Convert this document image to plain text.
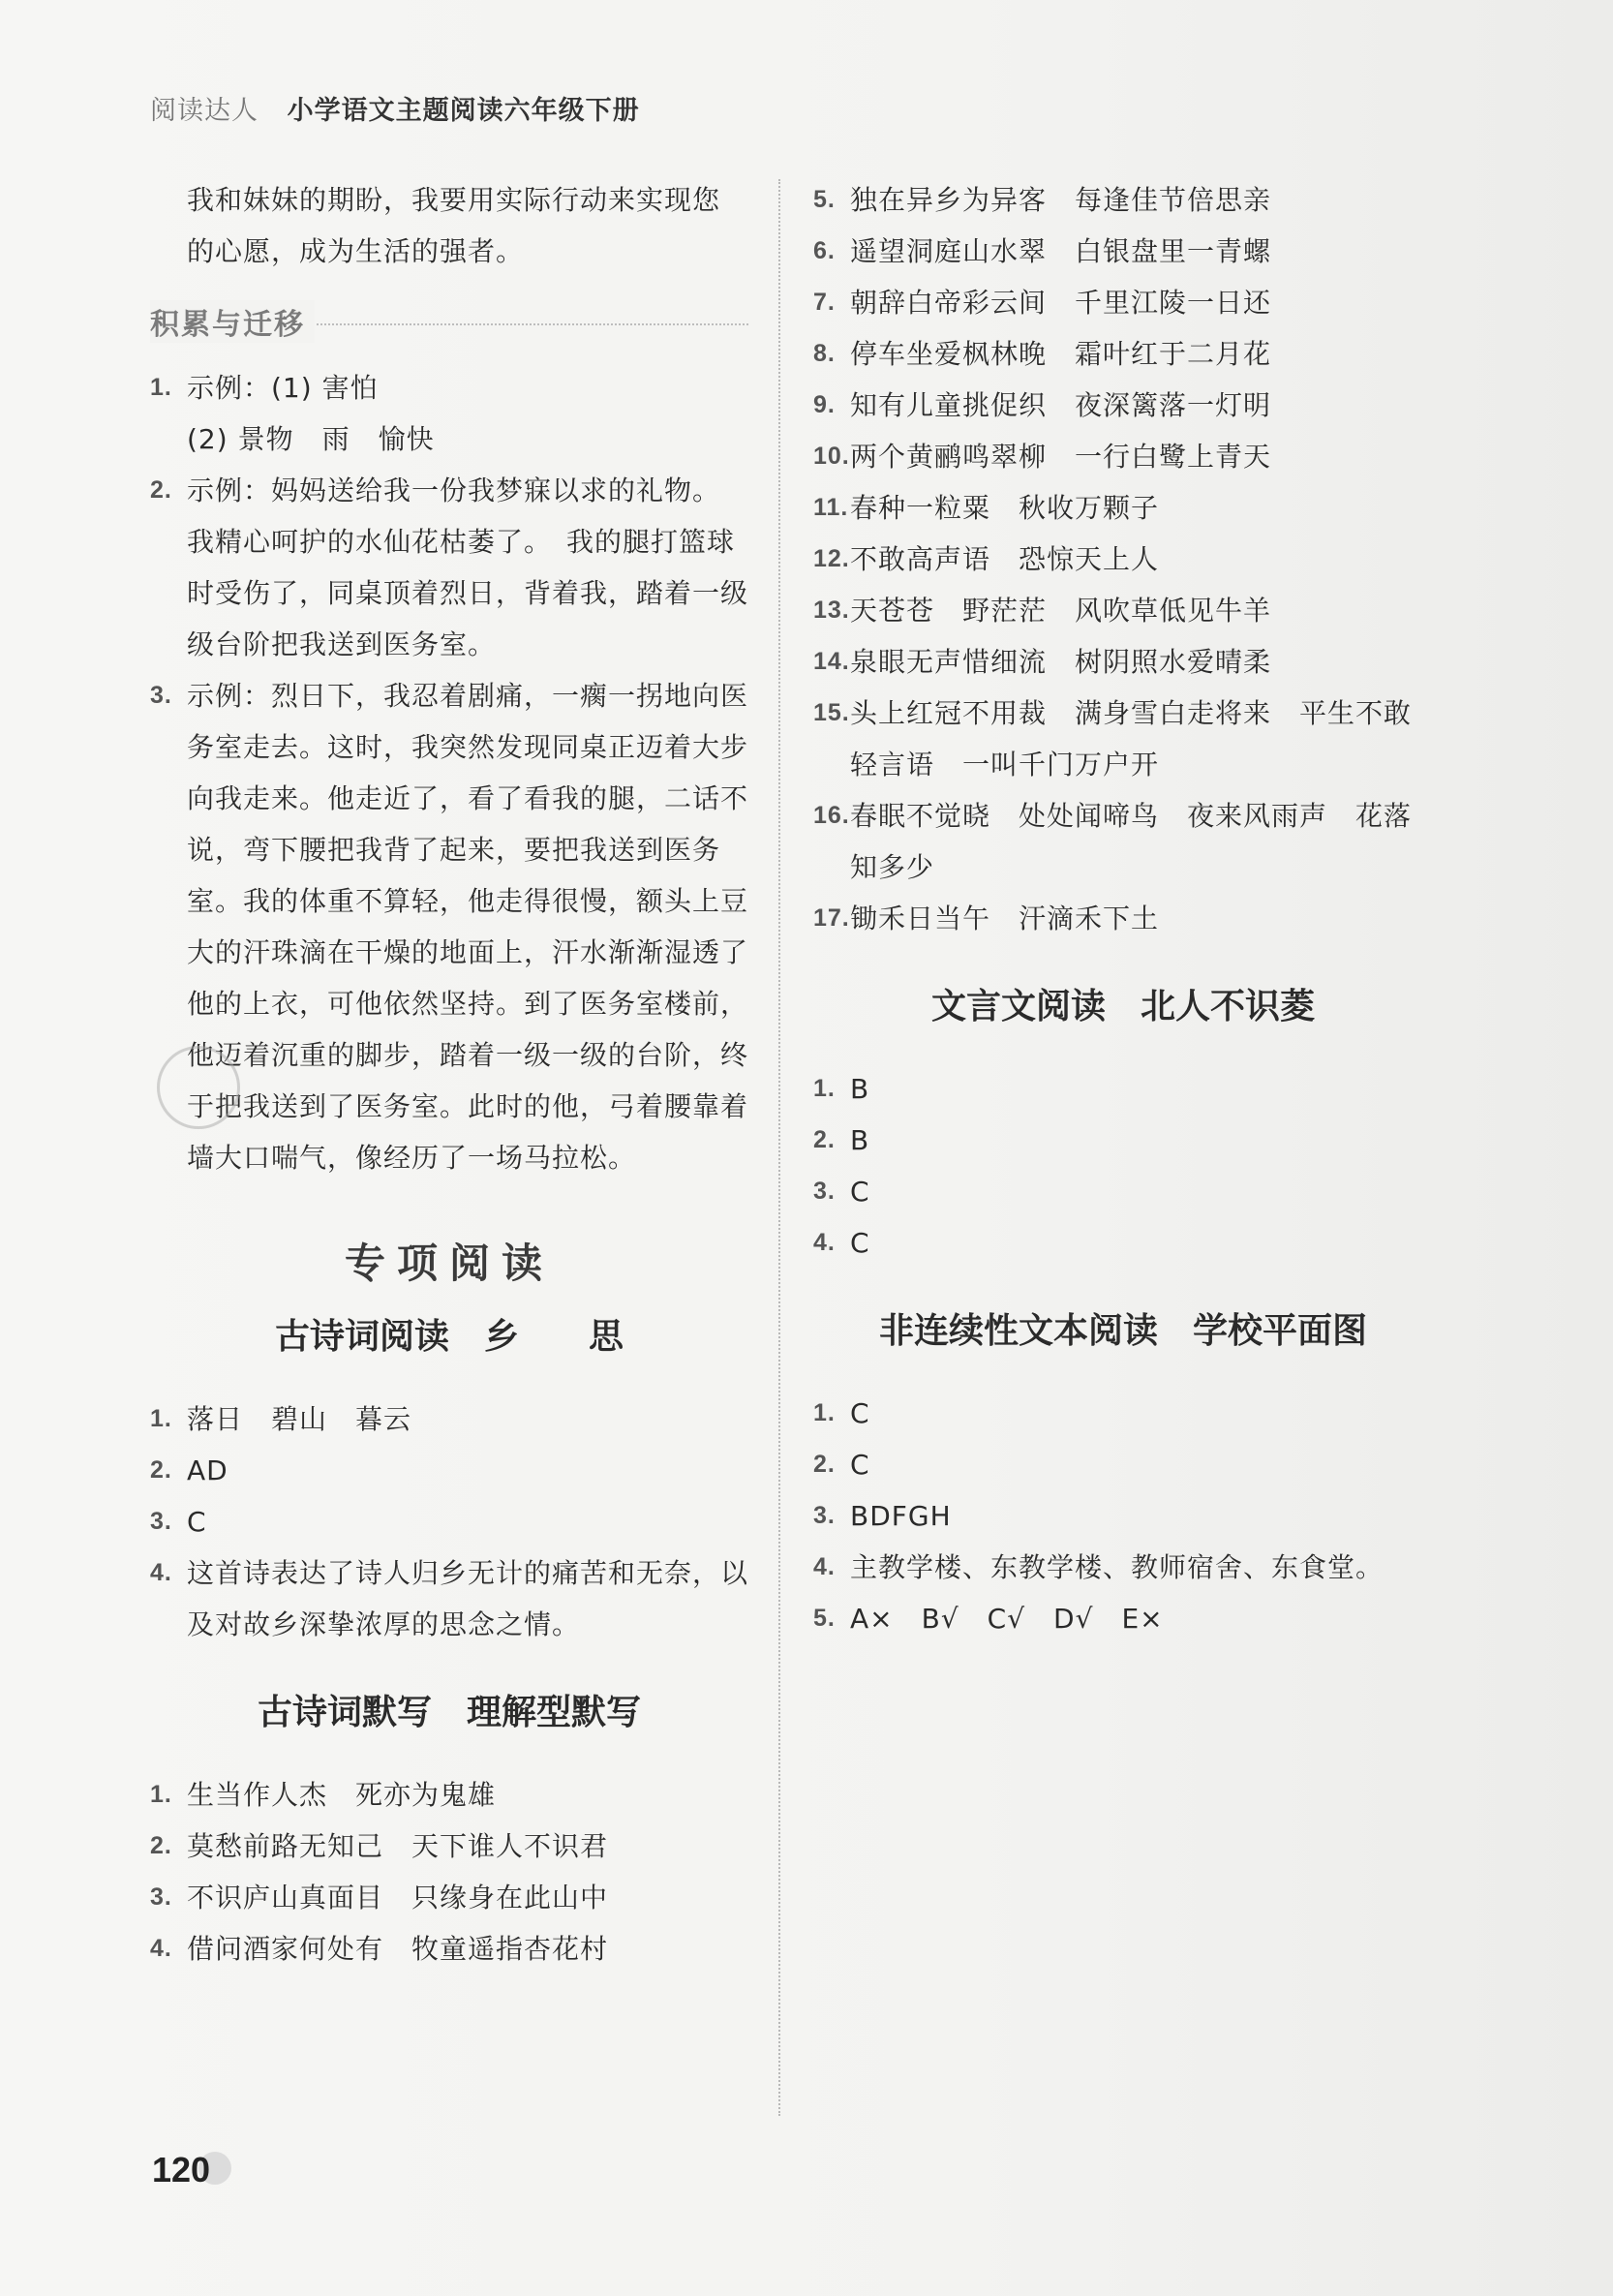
阅读达人 小学语文主题阅读六年级下册

我和妹妹的期盼，我要用实际行动来实现您

的心愿，成为生活的强者。

积累与迁移
1. 示例：(1) 害怕
(2) 景物　雨　愉快
2. 示例：妈妈送给我一份我梦寐以求的礼物。　我精心呵护的水仙花枯萎了。　我的腿打篮球时受伤了，同桌顶着烈日，背着我，踏着一级级台阶把我送到医务室。
3. 示例：烈日下，我忍着剧痛，一瘸一拐地向医务室走去。这时，我突然发现同桌正迈着大步向我走来。他走近了，看了看我的腿，二话不说，弯下腰把我背了起来，要把我送到医务室。我的体重不算轻，他走得很慢，额头上豆大的汗珠滴在干燥的地面上，汗水渐渐湿透了他的上衣，可他依然坚持。到了医务室楼前，他迈着沉重的脚步，踏着一级一级的台阶，终于把我送到了医务室。此时的他，弓着腰靠着墙大口喘气，像经历了一场马拉松。
专项阅读
古诗词阅读　乡　　思
1. 落日　碧山　暮云
2. AD
3. C
4. 这首诗表达了诗人归乡无计的痛苦和无奈，以及对故乡深挚浓厚的思念之情。
古诗词默写　理解型默写
1. 生当作人杰　死亦为鬼雄
2. 莫愁前路无知己　天下谁人不识君
3. 不识庐山真面目　只缘身在此山中
4. 借问酒家何处有　牧童遥指杏花村
5. 独在异乡为异客　每逢佳节倍思亲
6. 遥望洞庭山水翠　白银盘里一青螺
7. 朝辞白帝彩云间　千里江陵一日还
8. 停车坐爱枫林晚　霜叶红于二月花
9. 知有儿童挑促织　夜深篱落一灯明
10. 两个黄鹂鸣翠柳　一行白鹭上青天
11. 春种一粒粟　秋收万颗子
12. 不敢高声语　恐惊天上人
13. 天苍苍　野茫茫　风吹草低见牛羊
14. 泉眼无声惜细流　树阴照水爱晴柔
15. 头上红冠不用裁　满身雪白走将来　平生不敢轻言语　一叫千门万户开
16. 春眠不觉晓　处处闻啼鸟　夜来风雨声　花落知多少
17. 锄禾日当午　汗滴禾下土
文言文阅读　北人不识菱
1. B
2. B
3. C
4. C
非连续性文本阅读　学校平面图
1. C
2. C
3. BDFGH
4. 主教学楼、东教学楼、教师宿舍、东食堂。
5. A×　B√　C√　D√　E×
120
